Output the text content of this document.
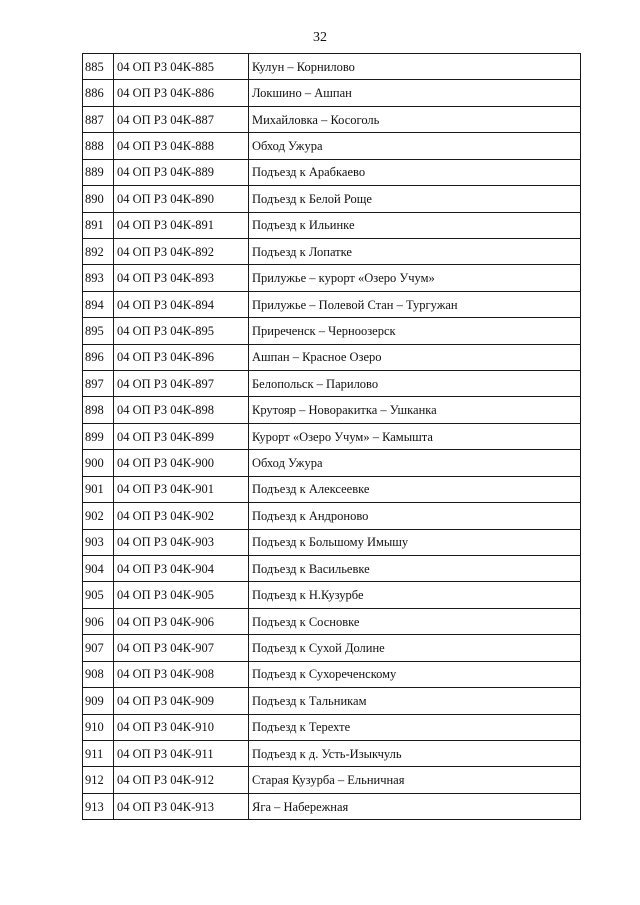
32
885	04 ОП РЗ 04К-885	Кулун – Корнилово
886	04 ОП РЗ 04К-886	Локшино – Ашпан
887	04 ОП РЗ 04К-887	Михайловка – Косоголь
888	04 ОП РЗ 04К-888	Обход Ужура
889	04 ОП РЗ 04К-889	Подъезд к Арабкаево
890	04 ОП РЗ 04К-890	Подъезд к Белой Роще
891	04 ОП РЗ 04К-891	Подъезд к Ильинке
892	04 ОП РЗ 04К-892	Подъезд к Лопатке
893	04 ОП РЗ 04К-893	Прилужье – курорт «Озеро Учум»
894	04 ОП РЗ 04К-894	Прилужье – Полевой Стан – Тургужан
895	04 ОП РЗ 04К-895	Приреченск – Черноозерск
896	04 ОП РЗ 04К-896	Ашпан – Красное Озеро
897	04 ОП РЗ 04К-897	Белопольск – Парилово
898	04 ОП РЗ 04К-898	Крутояр – Новоракитка – Ушканка
899	04 ОП РЗ 04К-899	Курорт «Озеро Учум» – Камышта
900	04 ОП РЗ 04К-900	Обход Ужура
901	04 ОП РЗ 04К-901	Подъезд к Алексеевке
902	04 ОП РЗ 04К-902	Подъезд к Андроново
903	04 ОП РЗ 04К-903	Подъезд к Большому Имышу
904	04 ОП РЗ 04К-904	Подъезд к Васильевке
905	04 ОП РЗ 04К-905	Подъезд к Н.Кузурбе
906	04 ОП РЗ 04К-906	Подъезд к Сосновке
907	04 ОП РЗ 04К-907	Подъезд к Сухой Долине
908	04 ОП РЗ 04К-908	Подъезд к Сухореченскому
909	04 ОП РЗ 04К-909	Подъезд к Тальникам
910	04 ОП РЗ 04К-910	Подъезд к Терехте
911	04 ОП РЗ 04К-911	Подъезд к д. Усть-Изыкчуль
912	04 ОП РЗ 04К-912	Старая Кузурба – Ельничная
913	04 ОП РЗ 04К-913	Яга – Набережная
